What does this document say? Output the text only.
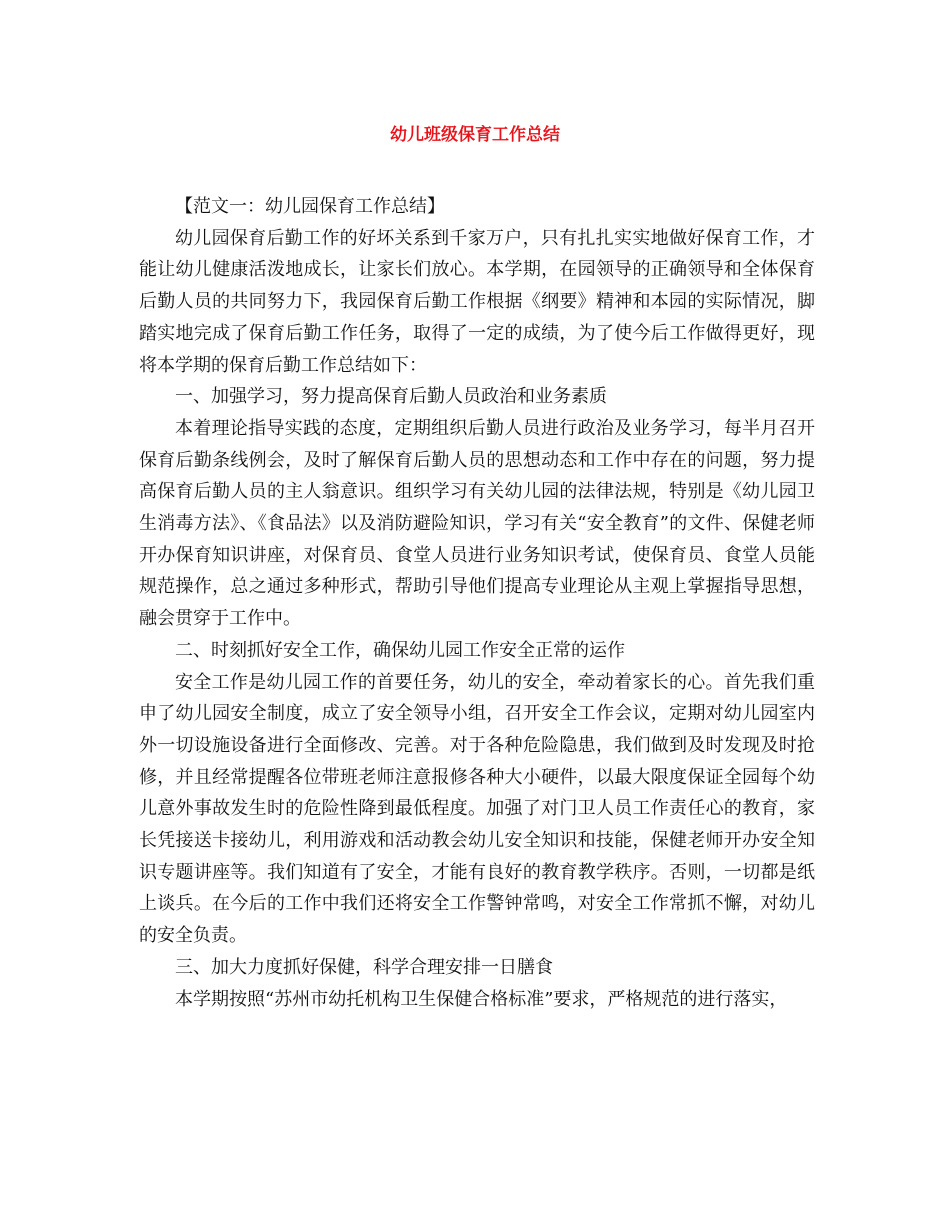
幼儿班级保育工作总结

【范文一：幼儿园保育工作总结】

幼儿园保育后勤工作的好坏关系到千家万户，只有扎扎实实地做好保育工作，才能让幼儿健康活泼地成长，让家长们放心。本学期，在园领导的正确领导和全体保育后勤人员的共同努力下，我园保育后勤工作根据《纲要》精神和本园的实际情况，脚踏实地完成了保育后勤工作任务，取得了一定的成绩，为了使今后工作做得更好，现将本学期的保育后勤工作总结如下：

一、加强学习，努力提高保育后勤人员政治和业务素质

本着理论指导实践的态度，定期组织后勤人员进行政治及业务学习，每半月召开保育后勤条线例会，及时了解保育后勤人员的思想动态和工作中存在的问题，努力提高保育后勤人员的主人翁意识。组织学习有关幼儿园的法律法规，特别是《幼儿园卫生消毒方法》、《食品法》以及消防避险知识，学习有关“安全教育”的文件、保健老师开办保育知识讲座，对保育员、食堂人员进行业务知识考试，使保育员、食堂人员能规范操作，总之通过多种形式，帮助引导他们提高专业理论从主观上掌握指导思想，融会贯穿于工作中。

二、时刻抓好安全工作，确保幼儿园工作安全正常的运作

安全工作是幼儿园工作的首要任务，幼儿的安全，牵动着家长的心。首先我们重申了幼儿园安全制度，成立了安全领导小组，召开安全工作会议，定期对幼儿园室内外一切设施设备进行全面修改、完善。对于各种危险隐患，我们做到及时发现及时抢修，并且经常提醒各位带班老师注意报修各种大小硬件，以最大限度保证全园每个幼儿意外事故发生时的危险性降到最低程度。加强了对门卫人员工作责任心的教育，家长凭接送卡接幼儿，利用游戏和活动教会幼儿安全知识和技能，保健老师开办安全知识专题讲座等。我们知道有了安全，才能有良好的教育教学秩序。否则，一切都是纸上谈兵。在今后的工作中我们还将安全工作警钟常鸣，对安全工作常抓不懈，对幼儿的安全负责。

三、加大力度抓好保健，科学合理安排一日膳食

本学期按照“苏州市幼托机构卫生保健合格标准”要求，严格规范的进行落实，
